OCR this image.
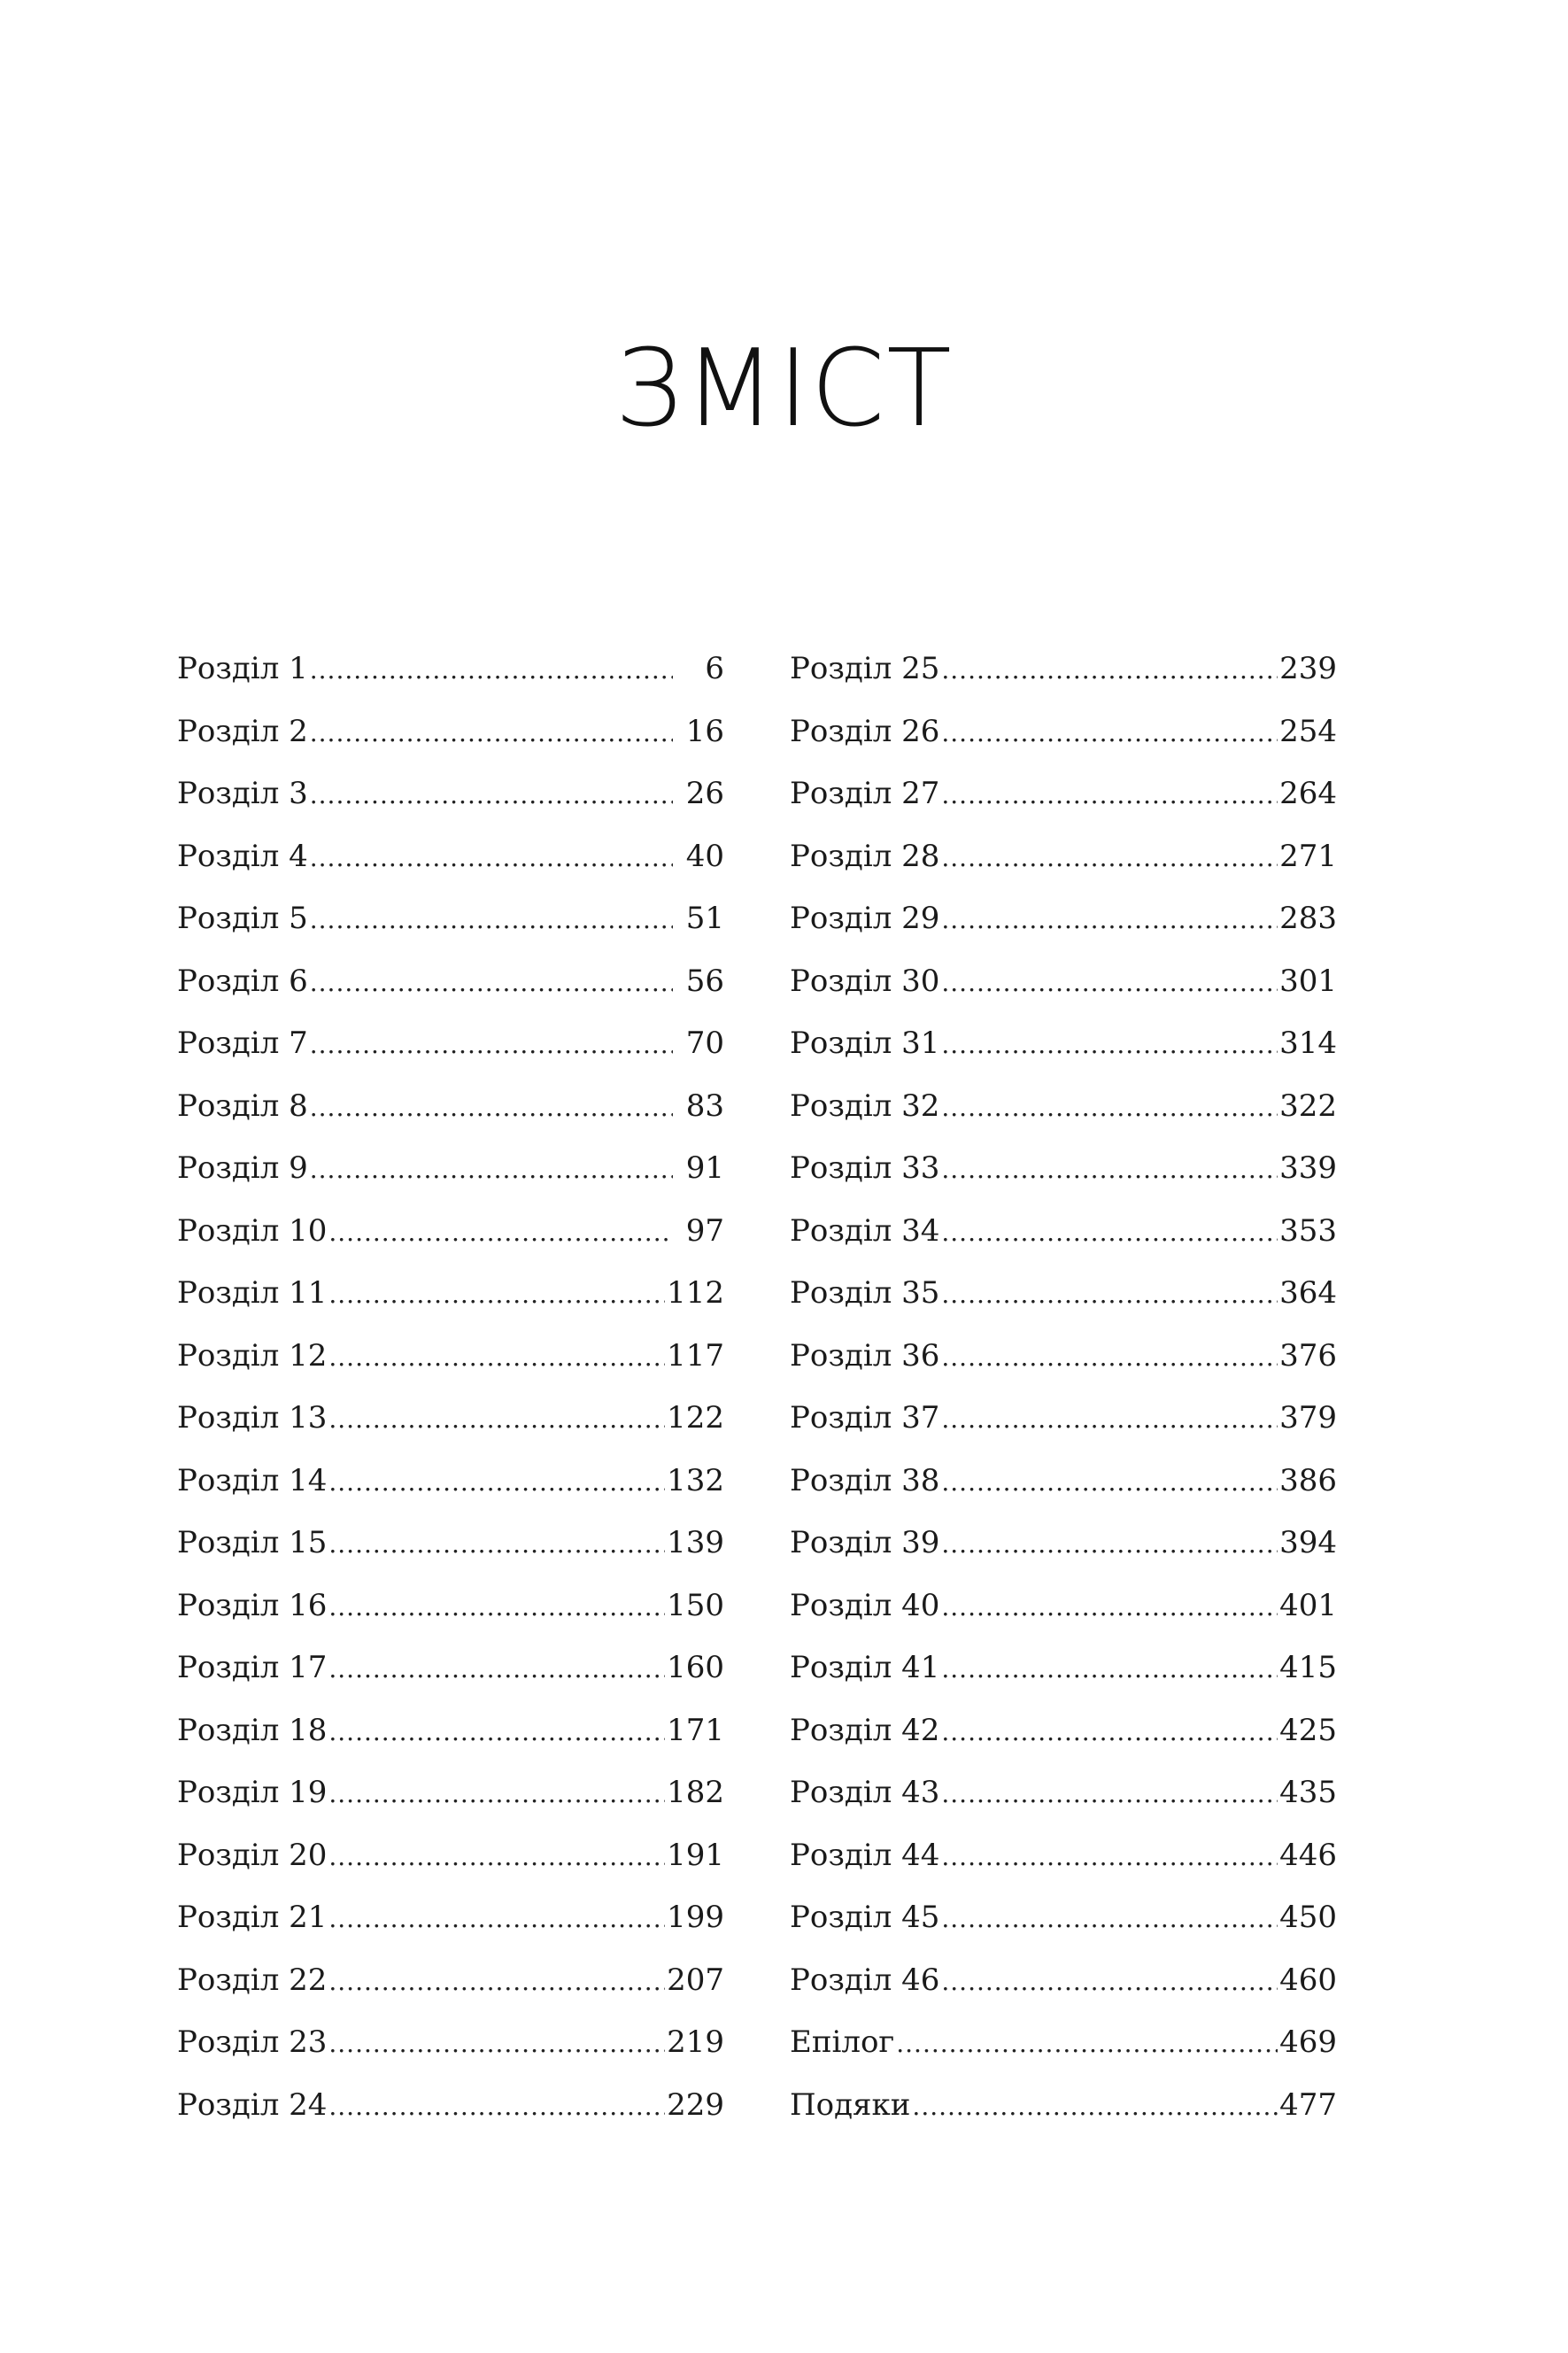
ЗМІСТ
Розділ 1 .....	6
Розділ 2 .....	16
Розділ 3 .....	26
Розділ 4 .....	40
Розділ 5 .....	51
Розділ 6 .....	56
Розділ 7 .....	70
Розділ 8 .....	83
Розділ 9 .....	91
Розділ 10 .....	97
Розділ 11 .....	112
Розділ 12 .....	117
Розділ 13 .....	122
Розділ 14 .....	132
Розділ 15 .....	139
Розділ 16 .....	150
Розділ 17 .....	160
Розділ 18 .....	171
Розділ 19 .....	182
Розділ 20 .....	191
Розділ 21 .....	199
Розділ 22 .....	207
Розділ 23 .....	219
Розділ 24 .....	229
Розділ 25 .....	239
Розділ 26 .....	254
Розділ 27 .....	264
Розділ 28 .....	271
Розділ 29 .....	283
Розділ 30 .....	301
Розділ 31 .....	314
Розділ 32 .....	322
Розділ 33 .....	339
Розділ 34 .....	353
Розділ 35 .....	364
Розділ 36 .....	376
Розділ 37 .....	379
Розділ 38 .....	386
Розділ 39 .....	394
Розділ 40 .....	401
Розділ 41 .....	415
Розділ 42 .....	425
Розділ 43 .....	435
Розділ 44 .....	446
Розділ 45 .....	450
Розділ 46 .....	460
Епілог .....	469
Подяки .....	477
